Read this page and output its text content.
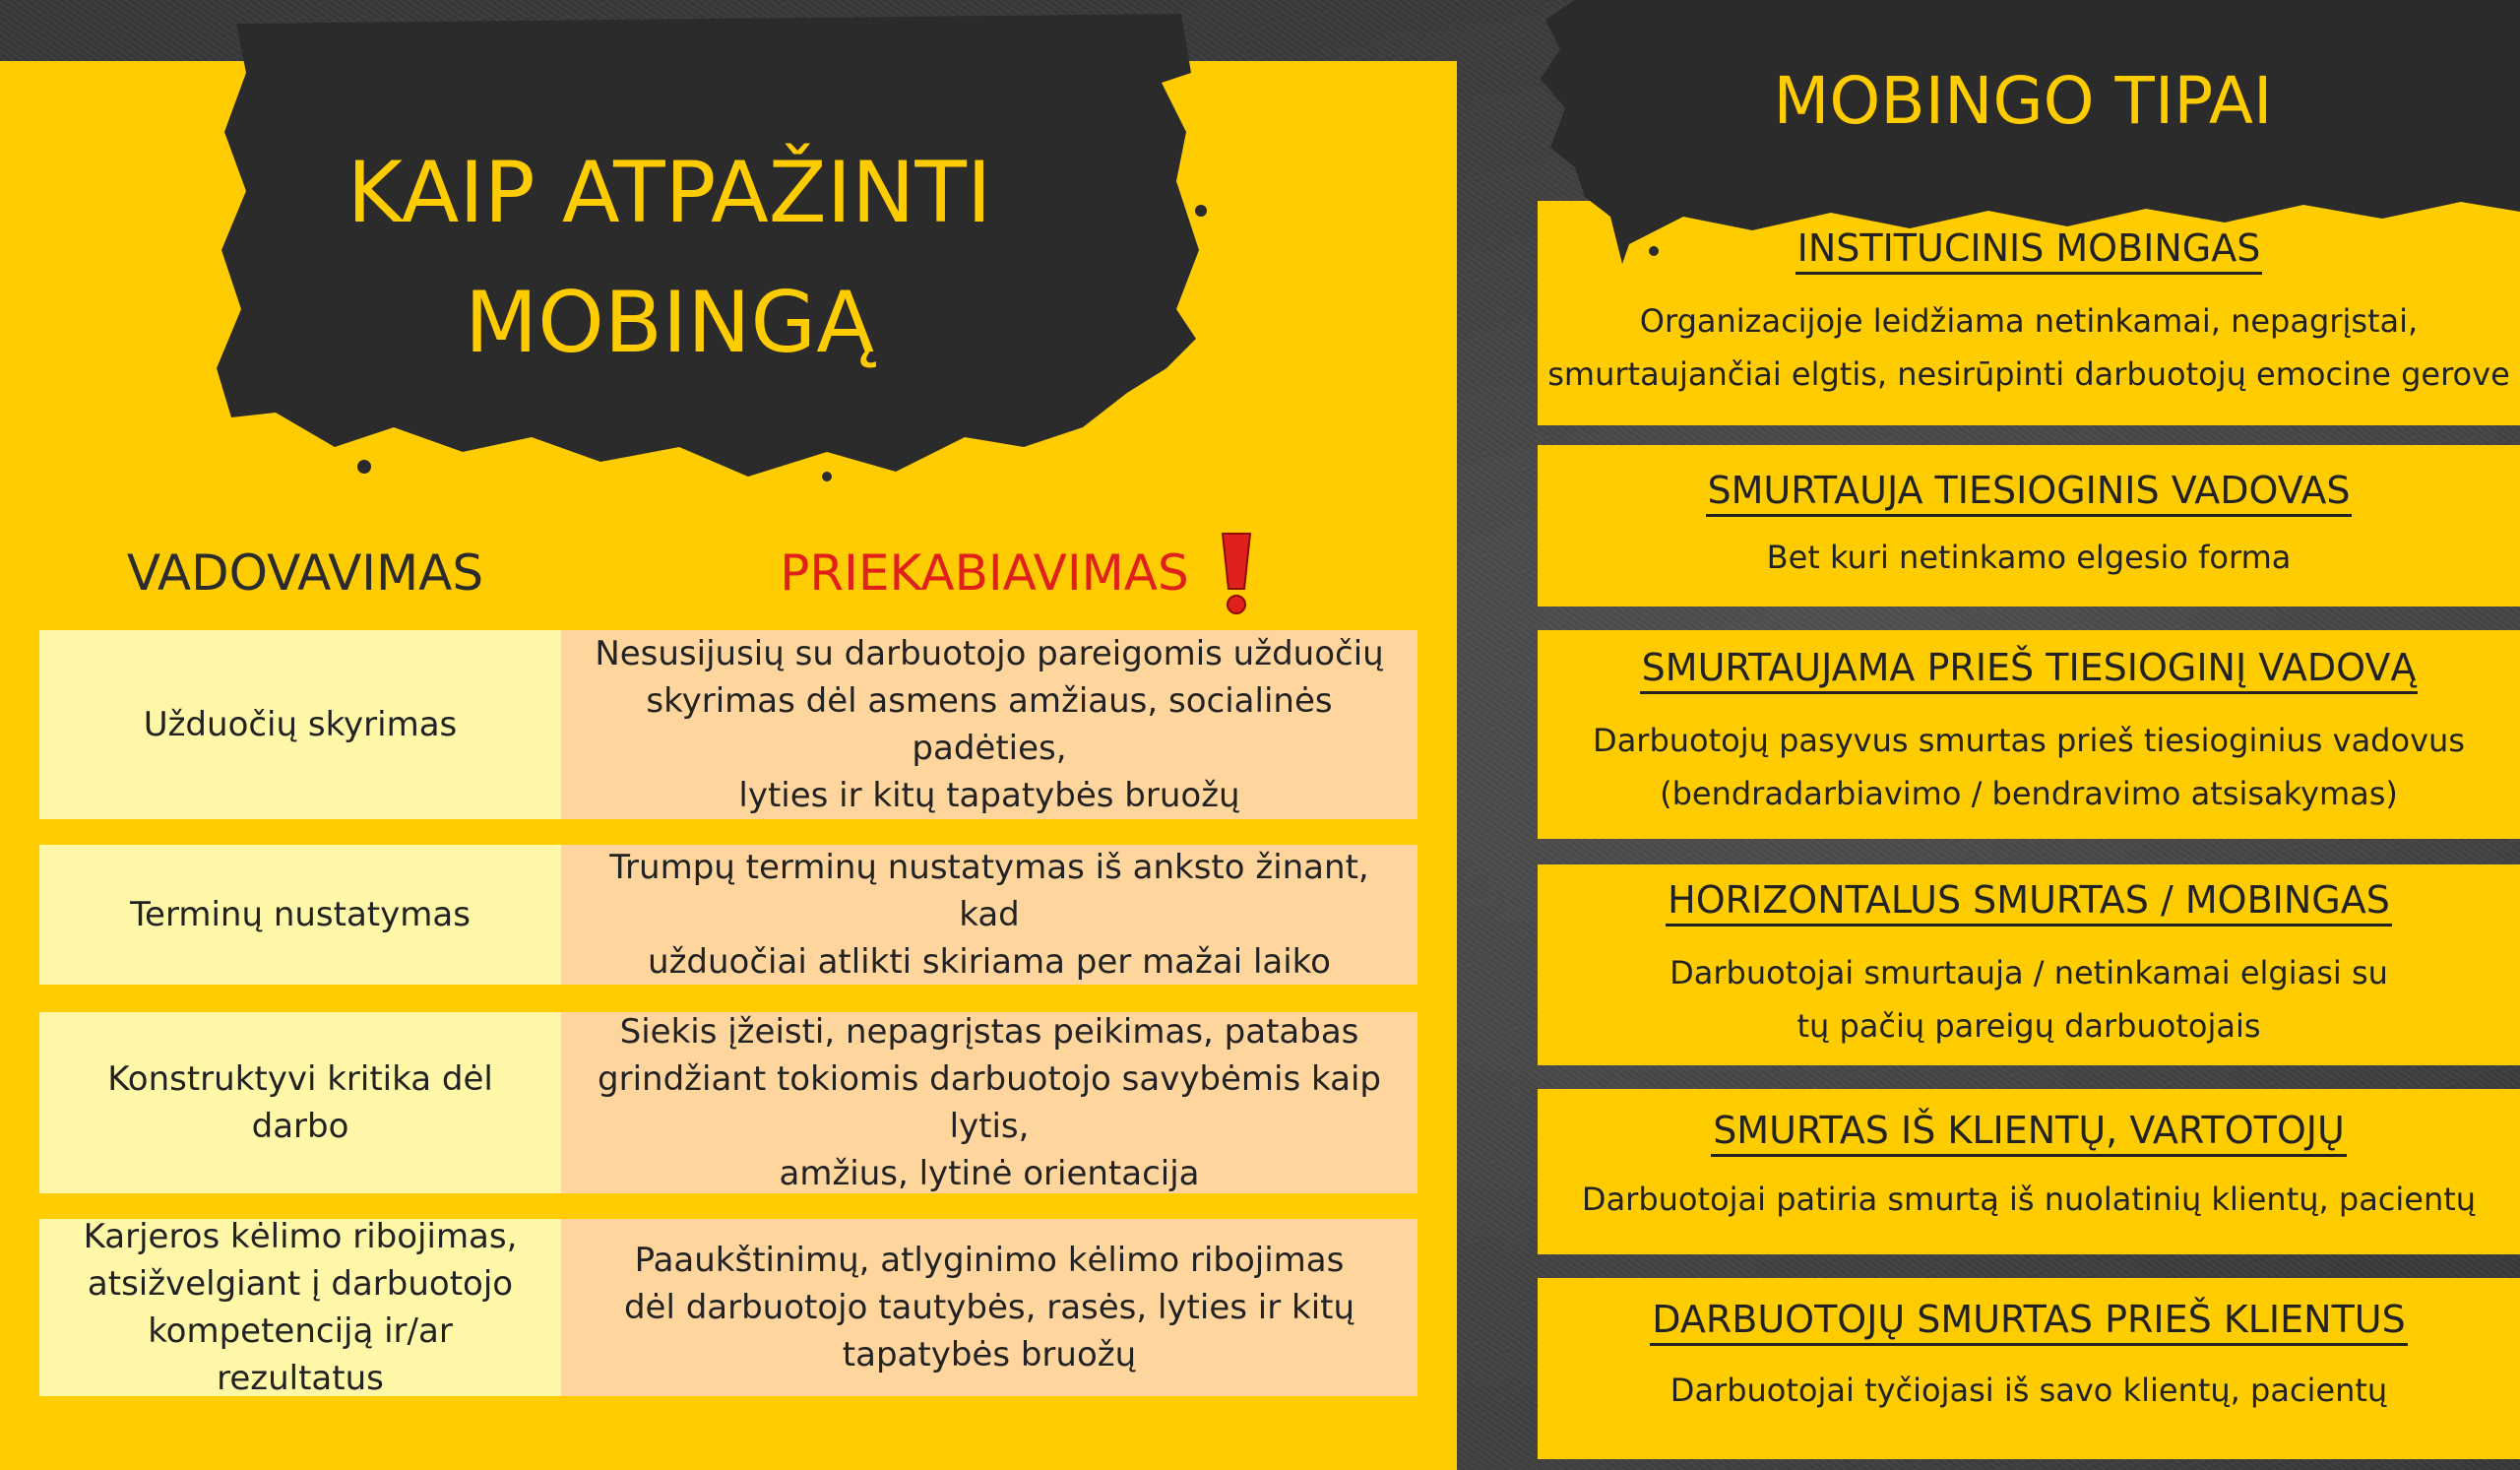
KAIP ATPAŽINTI
MOBINGĄ
VADOVAVIMAS	PRIEKABIAVIMAS
Užduočių skyrimas
Nesusijusių su darbuotojo pareigomis užduočių
skyrimas dėl asmens amžiaus, socialinės padėties,
lyties ir kitų tapatybės bruožų
Terminų nustatymas
Trumpų terminų nustatymas iš anksto žinant, kad
užduočiai atlikti skiriama per mažai laiko
Konstruktyvi kritika dėl darbo
Siekis įžeisti, nepagrįstas peikimas, patabas
grindžiant tokiomis darbuotojo savybėmis kaip lytis,
amžius, lytinė orientacija
Karjeros kėlimo ribojimas,
atsižvelgiant į darbuotojo
kompetenciją ir/ar rezultatus
Paaukštinimų, atlyginimo kėlimo ribojimas
dėl darbuotojo tautybės, rasės, lyties ir kitų
tapatybės bruožų
INSTITUCINIS MOBINGAS
Organizacijoje leidžiama netinkamai, nepagrįstai,
smurtaujančiai elgtis, nesirūpinti darbuotojų emocine gerove
SMURTAUJA TIESIOGINIS VADOVAS
Bet kuri netinkamo elgesio forma
SMURTAUJAMA PRIEŠ TIESIOGINĮ VADOVĄ
Darbuotojų pasyvus smurtas prieš tiesioginius vadovus
(bendradarbiavimo / bendravimo atsisakymas)
HORIZONTALUS SMURTAS / MOBINGAS
Darbuotojai smurtauja / netinkamai elgiasi su
tų pačių pareigų darbuotojais
SMURTAS IŠ KLIENTŲ, VARTOTOJŲ
Darbuotojai patiria smurtą iš nuolatinių klientų, pacientų
DARBUOTOJŲ SMURTAS PRIEŠ KLIENTUS
Darbuotojai tyčiojasi iš savo klientų, pacientų
MOBINGO TIPAI
